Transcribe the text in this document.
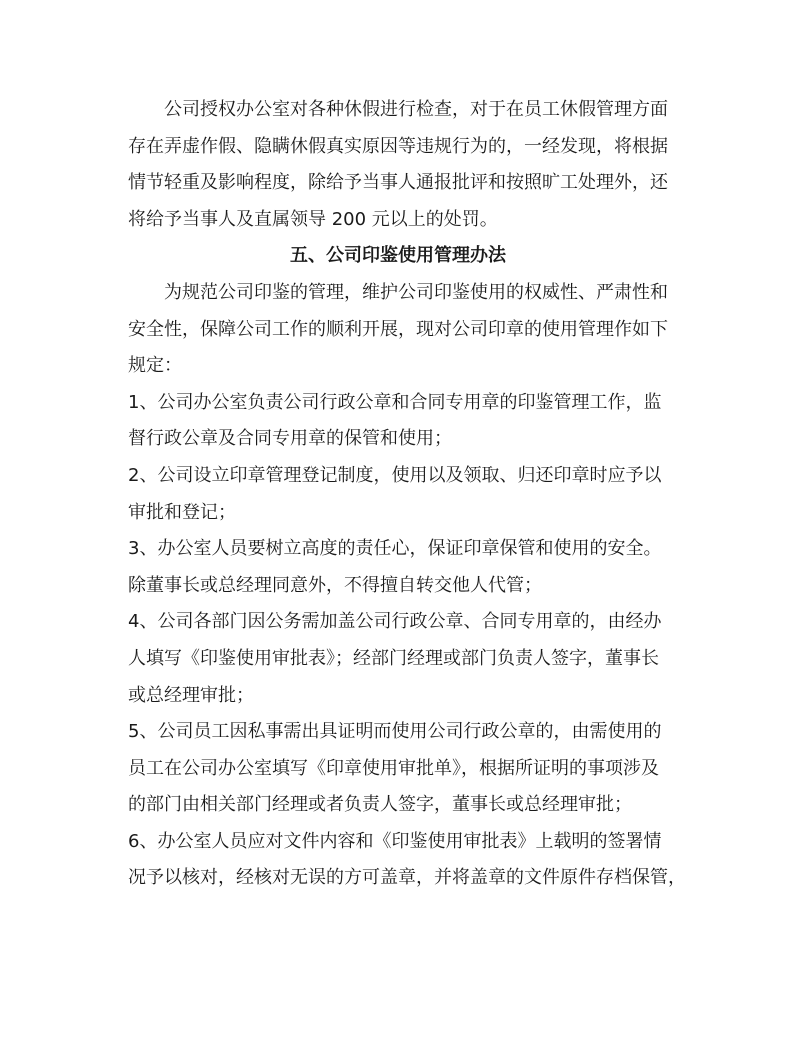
公司授权办公室对各种休假进行检查，对于在员工休假管理方面
存在弄虚作假、隐瞒休假真实原因等违规行为的，一经发现，将根据
情节轻重及影响程度，除给予当事人通报批评和按照旷工处理外，还
将给予当事人及直属领导 200 元以上的处罚。
五、公司印鉴使用管理办法
为规范公司印鉴的管理，维护公司印鉴使用的权威性、严肃性和
安全性，保障公司工作的顺利开展，现对公司印章的使用管理作如下
规定：
1、公司办公室负责公司行政公章和合同专用章的印鉴管理工作，监
督行政公章及合同专用章的保管和使用；
2、公司设立印章管理登记制度，使用以及领取、归还印章时应予以
审批和登记；
3、办公室人员要树立高度的责任心，保证印章保管和使用的安全。
除董事长或总经理同意外，不得擅自转交他人代管；
4、公司各部门因公务需加盖公司行政公章、合同专用章的，由经办
人填写《印鉴使用审批表》；经部门经理或部门负责人签字，董事长
或总经理审批；
5、公司员工因私事需出具证明而使用公司行政公章的，由需使用的
员工在公司办公室填写《印章使用审批单》，根据所证明的事项涉及
的部门由相关部门经理或者负责人签字，董事长或总经理审批；
6、办公室人员应对文件内容和《印鉴使用审批表》上载明的签署情
况予以核对，经核对无误的方可盖章，并将盖章的文件原件存档保管，
